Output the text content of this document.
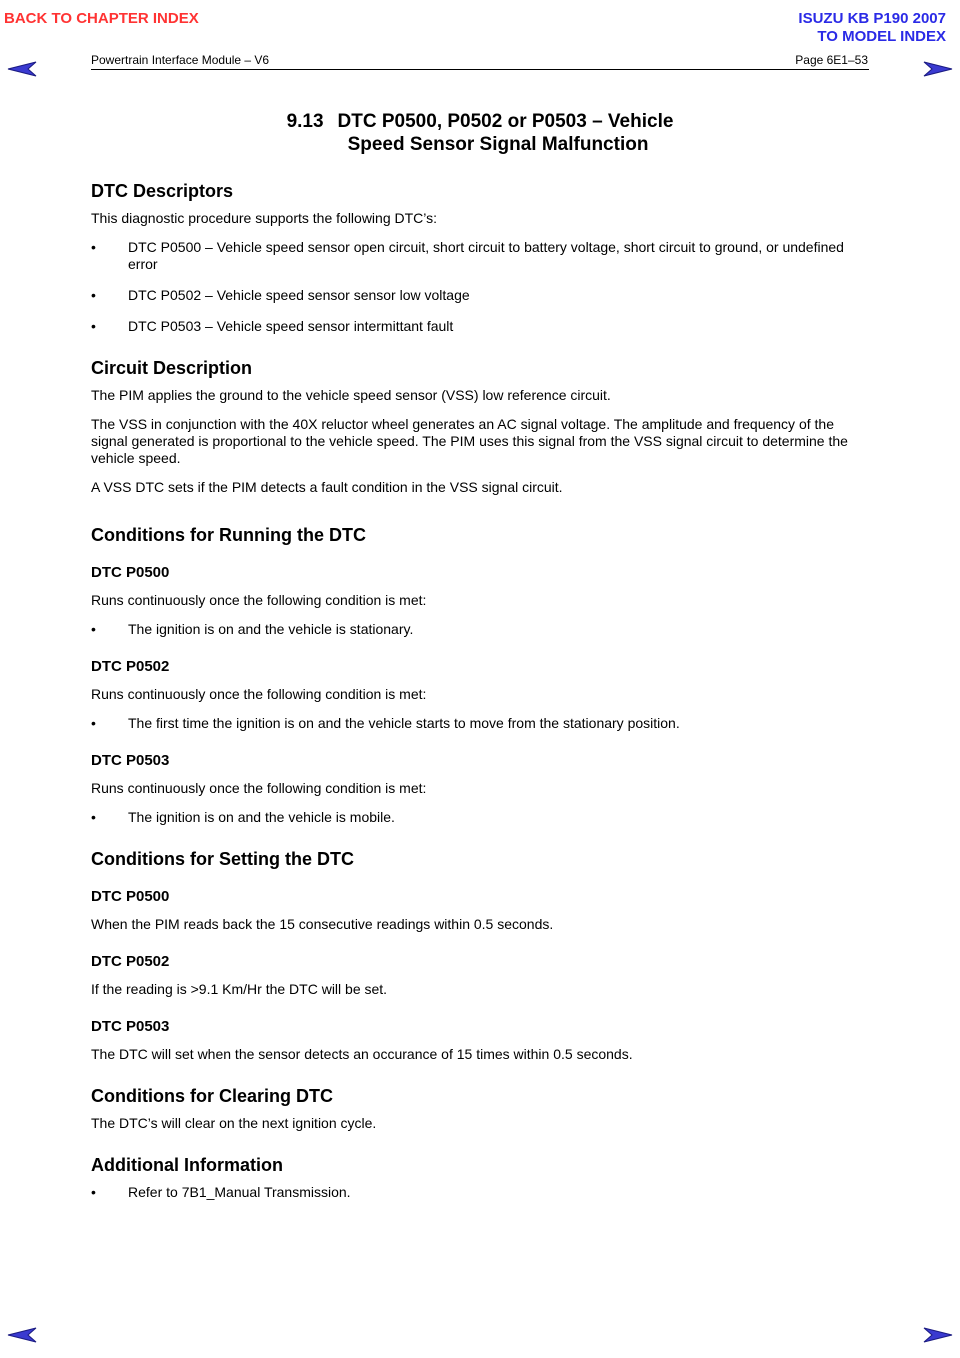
BACK TO CHAPTER INDEX	ISUZU KB P190 2007
TO MODEL INDEX
Powertrain Interface Module – V6	Page 6E1–53
9.13 DTC P0500, P0502 or P0503 – Vehicle
Speed Sensor Signal Malfunction
DTC Descriptors

This diagnostic procedure supports the following DTC’s:

• DTC P0500 – Vehicle speed sensor open circuit, short circuit to battery voltage, short circuit to ground, or undefined error
• DTC P0502 – Vehicle speed sensor sensor low voltage
• DTC P0503 – Vehicle speed sensor intermittant fault
Circuit Description

The PIM applies the ground to the vehicle speed sensor (VSS) low reference circuit.

The VSS in conjunction with the 40X reluctor wheel generates an AC signal voltage. The amplitude and frequency of the signal generated is proportional to the vehicle speed. The PIM uses this signal from the VSS signal circuit to determine the vehicle speed.

A VSS DTC sets if the PIM detects a fault condition in the VSS signal circuit.

Conditions for Running the DTC
DTC P0500

Runs continuously once the following condition is met:

• The ignition is on and the vehicle is stationary.
DTC P0502

Runs continuously once the following condition is met:

• The first time the ignition is on and the vehicle starts to move from the stationary position.
DTC P0503

Runs continuously once the following condition is met:

• The ignition is on and the vehicle is mobile.
Conditions for Setting the DTC
DTC P0500

When the PIM reads back the 15 consecutive readings within 0.5 seconds.

DTC P0502

If the reading is >9.1 Km/Hr the DTC will be set.

DTC P0503

The DTC will set when the sensor detects an occurance of 15 times within 0.5 seconds.

Conditions for Clearing DTC

The DTC’s will clear on the next ignition cycle.

Additional Information
• Refer to 7B1_Manual Transmission.
